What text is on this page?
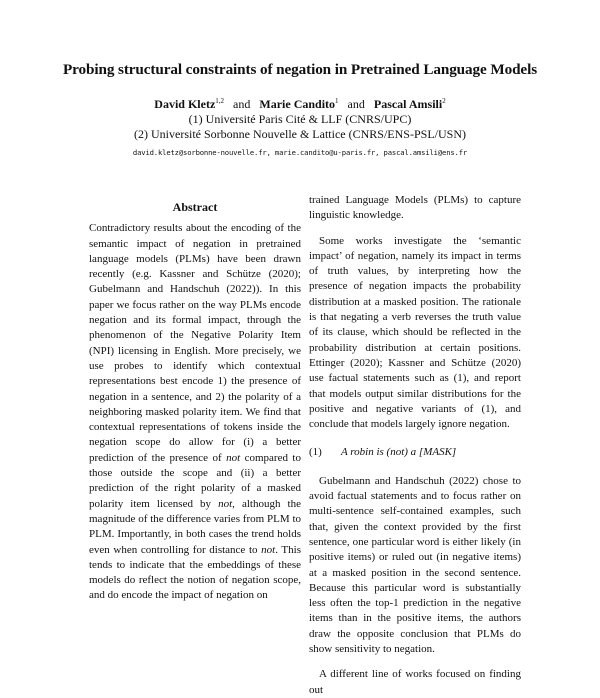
Probing structural constraints of negation in Pretrained Language Models
David Kletz$^{1,2}$ and Marie Candito$^1$ and Pascal Amsili$^2$
(1) Université Paris Cité & LLF (CNRS/UPC)
(2) Université Sorbonne Nouvelle & Lattice (CNRS/ENS-PSL/USN)
david.kletz@sorbonne-nouvelle.fr, marie.candito@u-paris.fr, pascal.amsili@ens.fr

Abstract

Contradictory results about the encoding of the semantic impact of negation in pretrained language models (PLMs) have been drawn recently (e.g. Kassner and Schütze (2020); Gubelmann and Handschuh (2022)). In this paper we focus rather on the way PLMs encode negation and its formal impact, through the phenomenon of the Negative Polarity Item (NPI) licensing in English. More precisely, we use probes to identify which contextual representations best encode 1) the presence of negation in a sentence, and 2) the polarity of a neighboring masked polarity item. We find that contextual representations of tokens inside the negation scope do allow for (i) a better prediction of the presence of not compared to those outside the scope and (ii) a better prediction of the right polarity of a masked polarity item licensed by not, although the magnitude of the difference varies from PLM to PLM. Importantly, in both cases the trend holds even when controlling for distance to not. This tends to indicate that the embeddings of these models do reflect the notion of negation scope, and do encode the impact of negation on

trained Language Models (PLMs) to capture linguistic knowledge.

Some works investigate the ‘semantic impact’ of negation, namely its impact in terms of truth values, by interpreting how the presence of negation impacts the probability distribution at a masked position. The rationale is that negating a verb reverses the truth value of its clause, which should be reflected in the probability distribution at certain positions. Ettinger (2020); Kassner and Schütze (2020) use factual statements such as (1), and report that models output similar distributions for the positive and negative variants of (1), and conclude that models largely ignore negation.

(1) A robin is (not) a [MASK]

Gubelmann and Handschuh (2022) chose to avoid factual statements and to focus rather on multi-sentence self-contained examples, such that, given the context provided by the first sentence, one particular word is either likely (in positive items) or ruled out (in negative items) at a masked position in the second sentence. Because this particular word is substantially less often the top-1 prediction in the negative items than in the positive items, the authors draw the opposite conclusion that PLMs do show sensitivity to negation.

A different line of works focused on finding out
